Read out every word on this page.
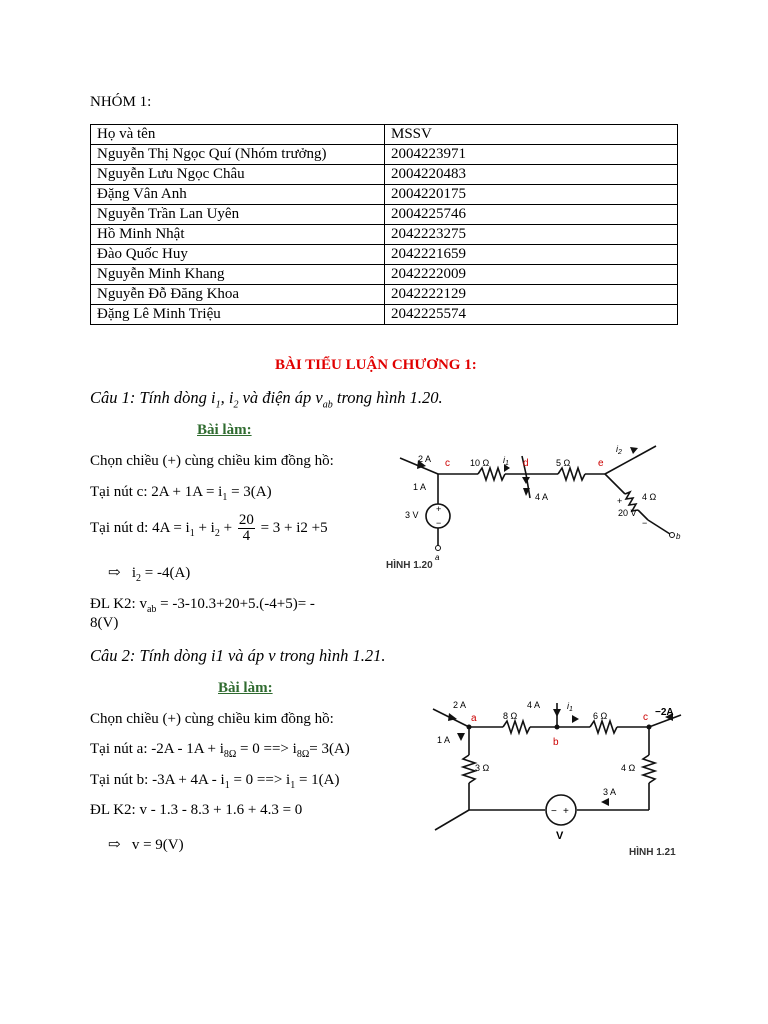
NHÓM 1:
Họ và tên	MSSV
Nguyễn Thị Ngọc Quí (Nhóm trưởng)	2004223971
Nguyễn Lưu Ngọc Châu	2004220483
Đặng Vân Anh	2004220175
Nguyễn Trần Lan Uyên	2004225746
Hồ Minh Nhật	2042223275
Đào Quốc Huy	2042221659
Nguyễn Minh Khang	2042222009
Nguyễn Đỗ Đăng Khoa	2042222129
Đặng Lê Minh Triệu	2042225574
BÀI TIỂU LUẬN CHƯƠNG 1:
Câu 1: Tính dòng $i_1$, $i_2$ và điện áp $v_{ab}$ trong hình 1.20.
Bài làm:
Chọn chiều (+) cùng chiều kim đồng hồ:
Tại nút c: $2A + 1A = i_1 = 3(A)$
Tại nút d: $4A = i_1 + i_2 + \frac{20}{4} = 3 + i2 +5$
⇨ $i_2 = -4(A)$
ĐL K2: $v_{ab} = -3-10.3+20+5.(-4+5)=$ -
8(V)
Câu 2: Tính dòng i1 và áp v trong hình 1.21.
Bài làm:
Chọn chiều (+) cùng chiều kim đồng hồ:
Tại nút a: $-2A - 1A + i_{8\Omega} = 0$ ==> $i_{8\Omega}= 3(A)$
Tại nút b: $-3A + 4A - i_1 = 0$ ==> $i_1 = 1(A)$
ĐL K2: v - 1.3 - 8.3 + 1.6 + 4.3 = 0
⇨ v = 9(V)
2 A c 10 Ω $i_1$ d	5 Ω	e
$i_2$
1 A
3 V
+
−
4 A	4 Ω
20 V
+
−
a
b
HÌNH 1.20
2 A
a	8 Ω
4 A	$i_1$
6 Ω	c −2A
b
1 A
3 Ω	4 Ω
3 A
− +
V
HÌNH 1.21
